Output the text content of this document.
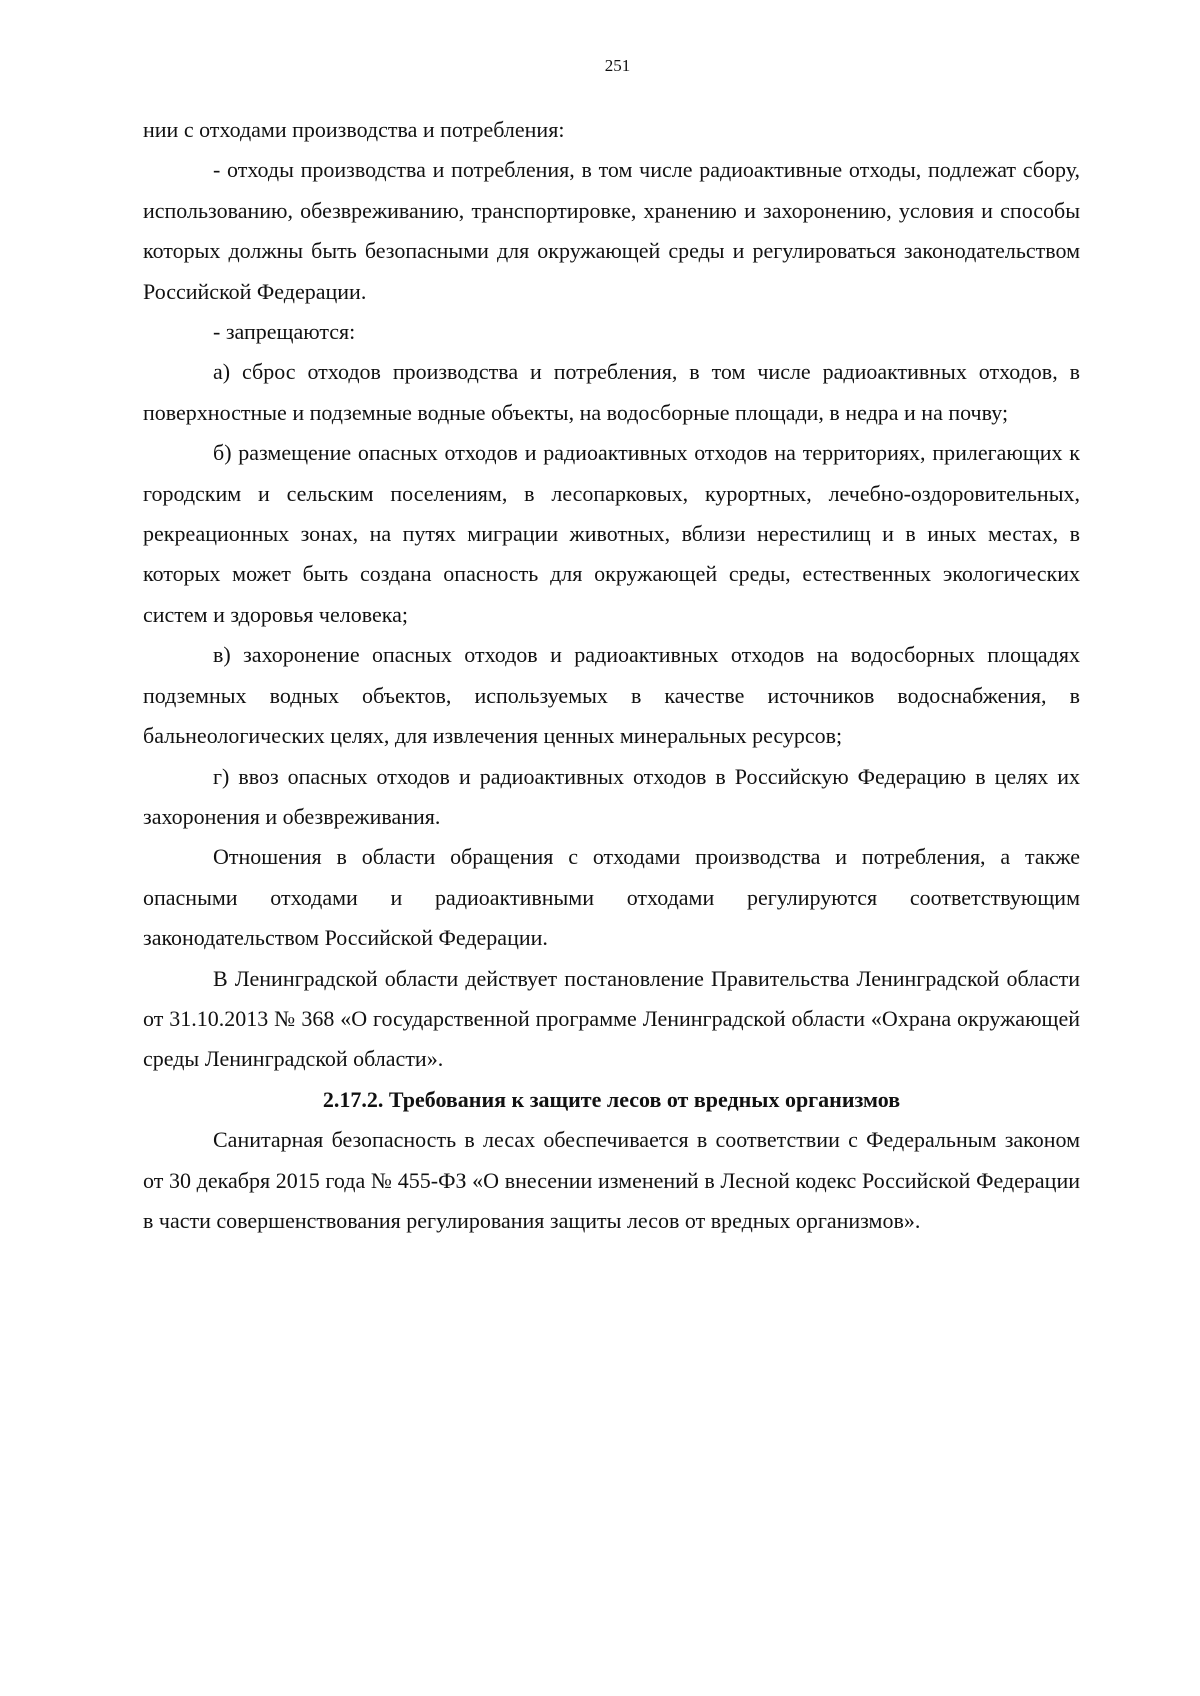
251

нии с отходами производства и потребления:

- отходы производства и потребления, в том числе радиоактивные отходы, подлежат сбору, использованию, обезвреживанию, транспортировке, хранению и захоронению, условия и способы которых должны быть безопасными для окружающей среды и регулироваться законодательством Российской Федерации.

- запрещаются:

а) сброс отходов производства и потребления, в том числе радиоактивных отходов, в поверхностные и подземные водные объекты, на водосборные площади, в недра и на почву;

б) размещение опасных отходов и радиоактивных отходов на территориях, прилегающих к городским и сельским поселениям, в лесопарковых, курортных, лечебно-оздоровительных, рекреационных зонах, на путях миграции животных, вблизи нерестилищ и в иных местах, в которых может быть создана опасность для окружающей среды, естественных экологических систем и здоровья человека;

в) захоронение опасных отходов и радиоактивных отходов на водосборных площадях подземных водных объектов, используемых в качестве источников водоснабжения, в бальнеологических целях, для извлечения ценных минеральных ресурсов;

г) ввоз опасных отходов и радиоактивных отходов в Российскую Федерацию в целях их захоронения и обезвреживания.

Отношения в области обращения с отходами производства и потребления, а также опасными отходами и радиоактивными отходами регулируются соответствующим законодательством Российской Федерации.

В Ленинградской области действует постановление Правительства Ленинградской области от 31.10.2013 № 368 «О государственной программе Ленинградской области «Охрана окружающей среды Ленинградской области».

2.17.2. Требования к защите лесов от вредных организмов

Санитарная безопасность в лесах обеспечивается в соответствии с Федеральным законом от 30 декабря 2015 года № 455-ФЗ «О внесении изменений в Лесной кодекс Российской Федерации в части совершенствования регулирования защиты лесов от вредных организмов».
